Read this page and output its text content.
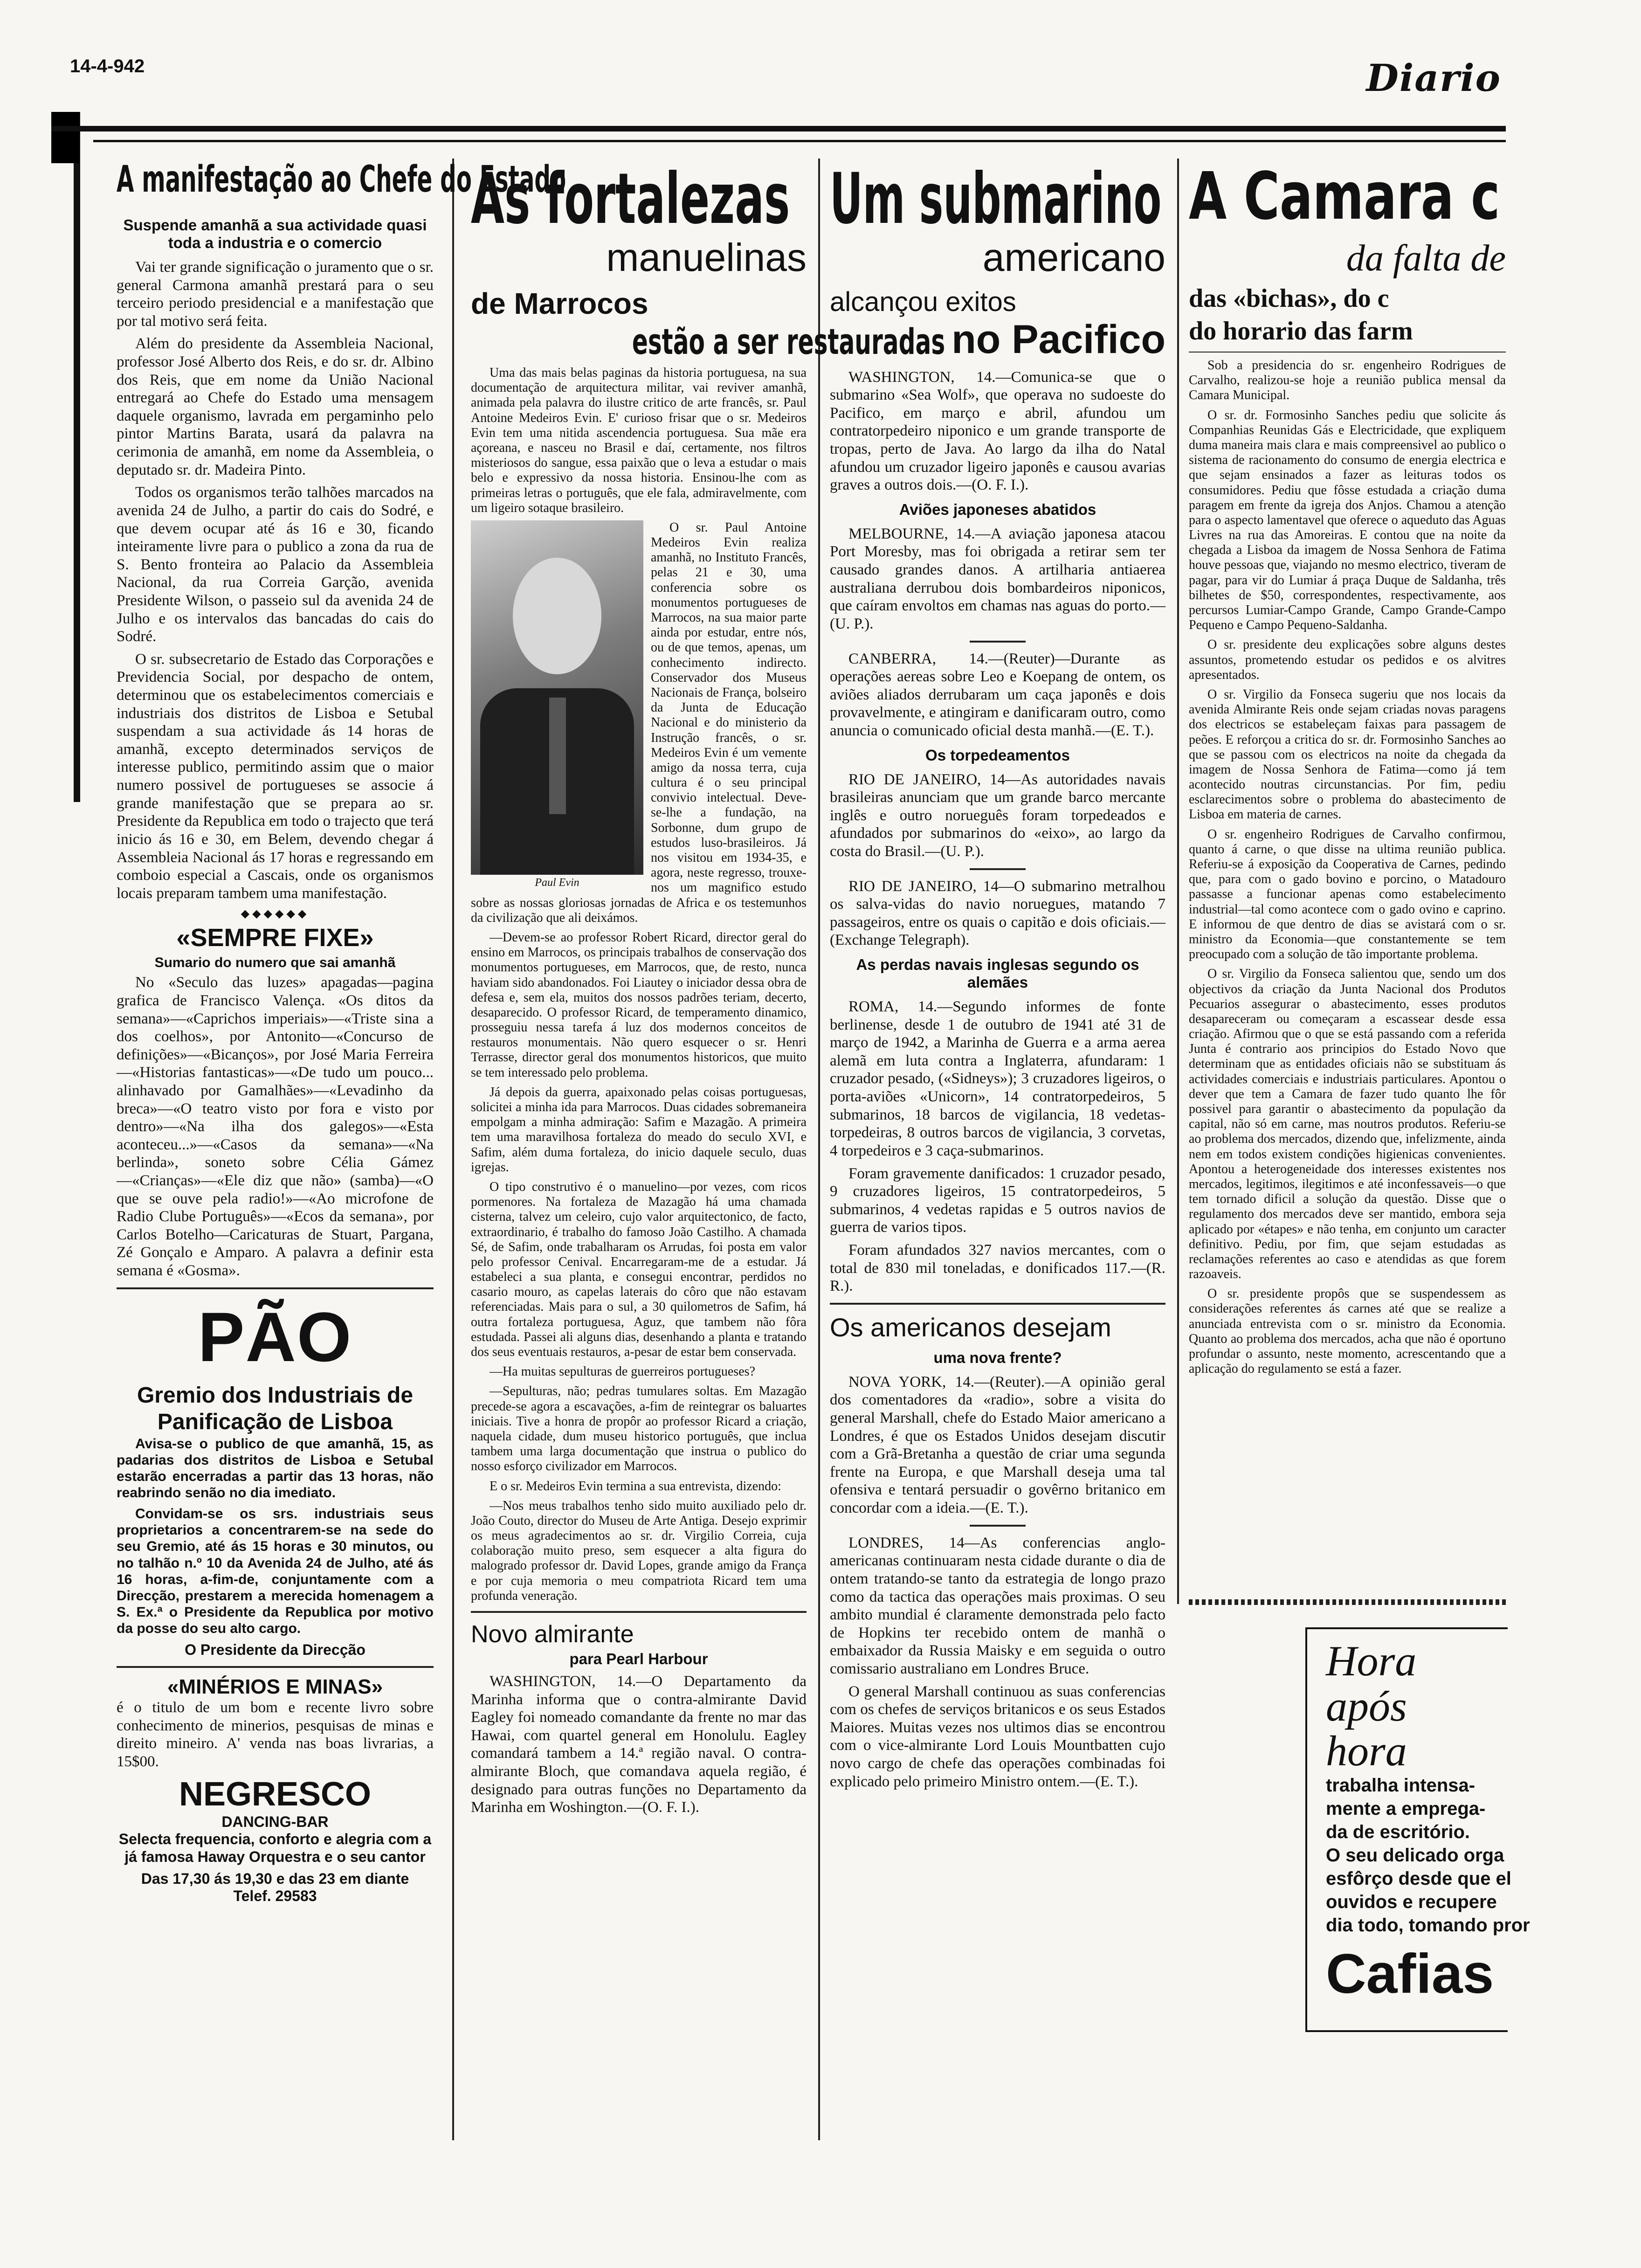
14-4-942	Diario
A manifestação ao Chefe do Estado
Suspende amanhã a sua actividade quasi toda a industria e o comercio

Vai ter grande significação o juramento que o sr. general Carmona amanhã prestará para o seu terceiro periodo presidencial e a manifestação que por tal motivo será feita.

Além do presidente da Assembleia Nacional, professor José Alberto dos Reis, e do sr. dr. Albino dos Reis, que em nome da União Nacional entregará ao Chefe do Estado uma mensagem daquele organismo, lavrada em pergaminho pelo pintor Martins Barata, usará da palavra na cerimonia de amanhã, em nome da Assembleia, o deputado sr. dr. Madeira Pinto.

Todos os organismos terão talhões marcados na avenida 24 de Julho, a partir do cais do Sodré, e que devem ocupar até ás 16 e 30, ficando inteiramente livre para o publico a zona da rua de S. Bento fronteira ao Palacio da Assembleia Nacional, da rua Correia Garção, avenida Presidente Wilson, o passeio sul da avenida 24 de Julho e os intervalos das bancadas do cais do Sodré.

O sr. subsecretario de Estado das Corporações e Previdencia Social, por despacho de ontem, determinou que os estabelecimentos comerciais e industriais dos distritos de Lisboa e Setubal suspendam a sua actividade ás 14 horas de amanhã, excepto determinados serviços de interesse publico, permitindo assim que o maior numero possivel de portugueses se associe á grande manifestação que se prepara ao sr. Presidente da Republica em todo o trajecto que terá inicio ás 16 e 30, em Belem, devendo chegar á Assembleia Nacional ás 17 horas e regressando em comboio especial a Cascais, onde os organismos locais preparam tambem uma manifestação.

◆◆◆◆◆◆
«SEMPRE FIXE»
Sumario do numero que sai amanhã

No «Seculo das luzes» apagadas—pagina grafica de Francisco Valença. «Os ditos da semana»—«Caprichos imperiais»—«Triste sina a dos coelhos», por Antonito—«Concurso de definições»—«Bicanços», por José Maria Ferreira—«Historias fantasticas»—«De tudo um pouco... alinhavado por Gamalhães»—«Levadinho da breca»—«O teatro visto por fora e visto por dentro»—«Na ilha dos galegos»—«Esta aconteceu...»—«Casos da semana»—«Na berlinda», soneto sobre Célia Gámez—«Crianças»—«Ele diz que não» (samba)—«O que se ouve pela radio!»—«Ao microfone de Radio Clube Português»—«Ecos da semana», por Carlos Botelho—Caricaturas de Stuart, Pargana, Zé Gonçalo e Amparo. A palavra a definir esta semana é «Gosma».

PÃO
Gremio dos Industriais de Panificação de Lisboa

Avisa-se o publico de que amanhã, 15, as padarias dos distritos de Lisboa e Setubal estarão encerradas a partir das 13 horas, não reabrindo senão no dia imediato.

Convidam-se os srs. industriais seus proprietarios a concentrarem-se na sede do seu Gremio, até ás 15 horas e 30 minutos, ou no talhão n.º 10 da Avenida 24 de Julho, até ás 16 horas, a-fim-de, conjuntamente com a Direcção, prestarem a merecida homenagem a S. Ex.ª o Presidente da Republica por motivo da posse do seu alto cargo.

O Presidente da Direcção
«MINÉRIOS E MINAS»

é o titulo de um bom e recente livro sobre conhecimento de minerios, pesquisas de minas e direito mineiro. A' venda nas boas livrarias, a 15$00.

NEGRESCO
DANCING-BAR

Selecta frequencia, conforto e alegria com a já famosa Haway Orquestra e o seu cantor

Das 17,30 ás 19,30 e das 23 em diante
Telef. 29583
As fortalezas
manuelinas
de Marrocos
estão a ser restauradas

Uma das mais belas paginas da historia portuguesa, na sua documentação de arquitectura militar, vai reviver amanhã, animada pela palavra do ilustre critico de arte francês, sr. Paul Antoine Medeiros Evin. E' curioso frisar que o sr. Medeiros Evin tem uma nitida ascendencia portuguesa. Sua mãe era açoreana, e nasceu no Brasil e daí, certamente, nos filtros misteriosos do sangue, essa paixão que o leva a estudar o mais belo e expressivo da nossa historia. Ensinou-lhe com as primeiras letras o português, que ele fala, admiravelmente, com um ligeiro sotaque brasileiro.

Paul Evin

O sr. Paul Antoine Medeiros Evin realiza amanhã, no Instituto Francês, pelas 21 e 30, uma conferencia sobre os monumentos portugueses de Marrocos, na sua maior parte ainda por estudar, entre nós, ou de que temos, apenas, um conhecimento indirecto. Conservador dos Museus Nacionais de França, bolseiro da Junta de Educação Nacional e do ministerio da Instrução francês, o sr. Medeiros Evin é um vemente amigo da nossa terra, cuja cultura é o seu principal convivio intelectual. Deve-se-lhe a fundação, na Sorbonne, dum grupo de estudos luso-brasileiros. Já nos visitou em 1934-35, e agora, neste regresso, trouxe-nos um magnifico estudo sobre as nossas gloriosas jornadas de Africa e os testemunhos da civilização que ali deixámos.

—Devem-se ao professor Robert Ricard, director geral do ensino em Marrocos, os principais trabalhos de conservação dos monumentos portugueses, em Marrocos, que, de resto, nunca haviam sido abandonados. Foi Liautey o iniciador dessa obra de defesa e, sem ela, muitos dos nossos padrões teriam, decerto, desaparecido. O professor Ricard, de temperamento dinamico, prosseguiu nessa tarefa á luz dos modernos conceitos de restauros monumentais. Não quero esquecer o sr. Henri Terrasse, director geral dos monumentos historicos, que muito se tem interessado pelo problema.

Já depois da guerra, apaixonado pelas coisas portuguesas, solicitei a minha ida para Marrocos. Duas cidades sobremaneira empolgam a minha admiração: Safim e Mazagão. A primeira tem uma maravilhosa fortaleza do meado do seculo XVI, e Safim, além duma fortaleza, do inicio daquele seculo, duas igrejas.

O tipo construtivo é o manuelino—por vezes, com ricos pormenores. Na fortaleza de Mazagão há uma chamada cisterna, talvez um celeiro, cujo valor arquitectonico, de facto, extraordinario, é trabalho do famoso João Castilho. A chamada Sé, de Safim, onde trabalharam os Arrudas, foi posta em valor pelo professor Cenival. Encarregaram-me de a estudar. Já estabeleci a sua planta, e consegui encontrar, perdidos no casario mouro, as capelas laterais do côro que não estavam referenciadas. Mais para o sul, a 30 quilometros de Safim, há outra fortaleza portuguesa, Aguz, que tambem não fôra estudada. Passei ali alguns dias, desenhando a planta e tratando dos seus eventuais restauros, a-pesar de estar bem conservada.

—Ha muitas sepulturas de guerreiros portugueses?

—Sepulturas, não; pedras tumulares soltas. Em Mazagão precede-se agora a escavações, a-fim de reintegrar os baluartes iniciais. Tive a honra de propôr ao professor Ricard a criação, naquela cidade, dum museu historico português, que inclua tambem uma larga documentação que instrua o publico do nosso esforço civilizador em Marrocos.

E o sr. Medeiros Evin termina a sua entrevista, dizendo:

—Nos meus trabalhos tenho sido muito auxiliado pelo dr. João Couto, director do Museu de Arte Antiga. Desejo exprimir os meus agradecimentos ao sr. dr. Virgilio Correia, cuja colaboração muito preso, sem esquecer a alta figura do malogrado professor dr. David Lopes, grande amigo da França e por cuja memoria o meu compatriota Ricard tem uma profunda veneração.

Novo almirante
para Pearl Harbour

WASHINGTON, 14.—O Departamento da Marinha informa que o contra-almirante David Eagley foi nomeado comandante da frente no mar das Hawai, com quartel general em Honolulu. Eagley comandará tambem a 14.ª região naval. O contra-almirante Bloch, que comandava aquela região, é designado para outras funções no Departamento da Marinha em Woshington.—(O. F. I.).

Um submarino
americano
alcançou exitos
no Pacifico

WASHINGTON, 14.—Comunica-se que o submarino «Sea Wolf», que operava no sudoeste do Pacifico, em março e abril, afundou um contratorpedeiro niponico e um grande transporte de tropas, perto de Java. Ao largo da ilha do Natal afundou um cruzador ligeiro japonês e causou avarias graves a outros dois.—(O. F. I.).

Aviões japoneses abatidos

MELBOURNE, 14.—A aviação japonesa atacou Port Moresby, mas foi obrigada a retirar sem ter causado grandes danos. A artilharia antiaerea australiana derrubou dois bombardeiros niponicos, que caíram envoltos em chamas nas aguas do porto.—(U. P.).

CANBERRA, 14.—(Reuter)—Durante as operações aereas sobre Leo e Koepang de ontem, os aviões aliados derrubaram um caça japonês e dois provavelmente, e atingiram e danificaram outro, como anuncia o comunicado oficial desta manhã.—(E. T.).

Os torpedeamentos

RIO DE JANEIRO, 14—As autoridades navais brasileiras anunciam que um grande barco mercante inglês e outro norueguês foram torpedeados e afundados por submarinos do «eixo», ao largo da costa do Brasil.—(U. P.).

RIO DE JANEIRO, 14—O submarino metralhou os salva-vidas do navio noruegues, matando 7 passageiros, entre os quais o capitão e dois oficiais.—(Exchange Telegraph).

As perdas navais inglesas segundo os alemães

ROMA, 14.—Segundo informes de fonte berlinense, desde 1 de outubro de 1941 até 31 de março de 1942, a Marinha de Guerra e a arma aerea alemã em luta contra a Inglaterra, afundaram: 1 cruzador pesado, («Sidneys»); 3 cruzadores ligeiros, o porta-aviões «Unicorn», 14 contratorpedeiros, 5 submarinos, 18 barcos de vigilancia, 18 vedetas-torpedeiras, 8 outros barcos de vigilancia, 3 corvetas, 4 torpedeiros e 3 caça-submarinos.

Foram gravemente danificados: 1 cruzador pesado, 9 cruzadores ligeiros, 15 contratorpedeiros, 5 submarinos, 4 vedetas rapidas e 5 outros navios de guerra de varios tipos.

Foram afundados 327 navios mercantes, com o total de 830 mil toneladas, e donificados 117.—(R. R.).

Os americanos desejam
uma nova frente?

NOVA YORK, 14.—(Reuter).—A opinião geral dos comentadores da «radio», sobre a visita do general Marshall, chefe do Estado Maior americano a Londres, é que os Estados Unidos desejam discutir com a Grã-Bretanha a questão de criar uma segunda frente na Europa, e que Marshall deseja uma tal ofensiva e tentará persuadir o govêrno britanico em concordar com a ideia.—(E. T.).

LONDRES, 14—As conferencias anglo-americanas continuaram nesta cidade durante o dia de ontem tratando-se tanto da estrategia de longo prazo como da tactica das operações mais proximas. O seu ambito mundial é claramente demonstrada pelo facto de Hopkins ter recebido ontem de manhã o embaixador da Russia Maisky e em seguida o outro comissario australiano em Londres Bruce.

O general Marshall continuou as suas conferencias com os chefes de serviços britanicos e os seus Estados Maiores. Muitas vezes nos ultimos dias se encontrou com o vice-almirante Lord Louis Mountbatten cujo novo cargo de chefe das operações combinadas foi explicado pelo primeiro Ministro ontem.—(E. T.).

A Camara c
da falta de
das «bichas», do c
do horario das farm

Sob a presidencia do sr. engenheiro Rodrigues de Carvalho, realizou-se hoje a reunião publica mensal da Camara Municipal.

O sr. dr. Formosinho Sanches pediu que solicite ás Companhias Reunidas Gás e Electricidade, que expliquem duma maneira mais clara e mais compreensivel ao publico o sistema de racionamento do consumo de energia electrica e que sejam ensinados a fazer as leituras todos os consumidores. Pediu que fôsse estudada a criação duma paragem em frente da igreja dos Anjos. Chamou a atenção para o aspecto lamentavel que oferece o aqueduto das Aguas Livres na rua das Amoreiras. E contou que na noite da chegada a Lisboa da imagem de Nossa Senhora de Fatima houve pessoas que, viajando no mesmo electrico, tiveram de pagar, para vir do Lumiar á praça Duque de Saldanha, três bilhetes de $50, correspondentes, respectivamente, aos percursos Lumiar-Campo Grande, Campo Grande-Campo Pequeno e Campo Pequeno-Saldanha.

O sr. presidente deu explicações sobre alguns destes assuntos, prometendo estudar os pedidos e os alvitres apresentados.

O sr. Virgilio da Fonseca sugeriu que nos locais da avenida Almirante Reis onde sejam criadas novas paragens dos electricos se estabeleçam faixas para passagem de peões. E reforçou a critica do sr. dr. Formosinho Sanches ao que se passou com os electricos na noite da chegada da imagem de Nossa Senhora de Fatima—como já tem acontecido noutras circunstancias. Por fim, pediu esclarecimentos sobre o problema do abastecimento de Lisboa em materia de carnes.

O sr. engenheiro Rodrigues de Carvalho confirmou, quanto á carne, o que disse na ultima reunião publica. Referiu-se á exposição da Cooperativa de Carnes, pedindo que, para com o gado bovino e porcino, o Matadouro passasse a funcionar apenas como estabelecimento industrial—tal como acontece com o gado ovino e caprino. E informou de que dentro de dias se avistará com o sr. ministro da Economia—que constantemente se tem preocupado com a solução de tão importante problema.

O sr. Virgilio da Fonseca salientou que, sendo um dos objectivos da criação da Junta Nacional dos Produtos Pecuarios assegurar o abastecimento, esses produtos desapareceram ou começaram a escassear desde essa criação. Afirmou que o que se está passando com a referida Junta é contrario aos principios do Estado Novo que determinam que as entidades oficiais não se substituam ás actividades comerciais e industriais particulares. Apontou o dever que tem a Camara de fazer tudo quanto lhe fôr possivel para garantir o abastecimento da população da capital, não só em carne, mas noutros produtos. Referiu-se ao problema dos mercados, dizendo que, infelizmente, ainda nem em todos existem condições higienicas convenientes. Apontou a heterogeneidade dos interesses existentes nos mercados, legitimos, ilegitimos e até inconfessaveis—o que tem tornado dificil a solução da questão. Disse que o regulamento dos mercados deve ser mantido, embora seja aplicado por «étapes» e não tenha, em conjunto um caracter definitivo. Pediu, por fim, que sejam estudadas as reclamações referentes ao caso e atendidas as que forem razoaveis.

O sr. presidente propôs que se suspendessem as considerações referentes ás carnes até que se realize a anunciada entrevista com o sr. ministro da Economia. Quanto ao problema dos mercados, acha que não é oportuno profundar o assunto, neste momento, acrescentando que a aplicação do regulamento se está a fazer.

Hora
após
hora
trabalha intensa-
mente a emprega-
da de escritório.
O seu delicado orga
esfôrço desde que el
ouvidos e recupere
dia todo, tomando pror
Cafias
